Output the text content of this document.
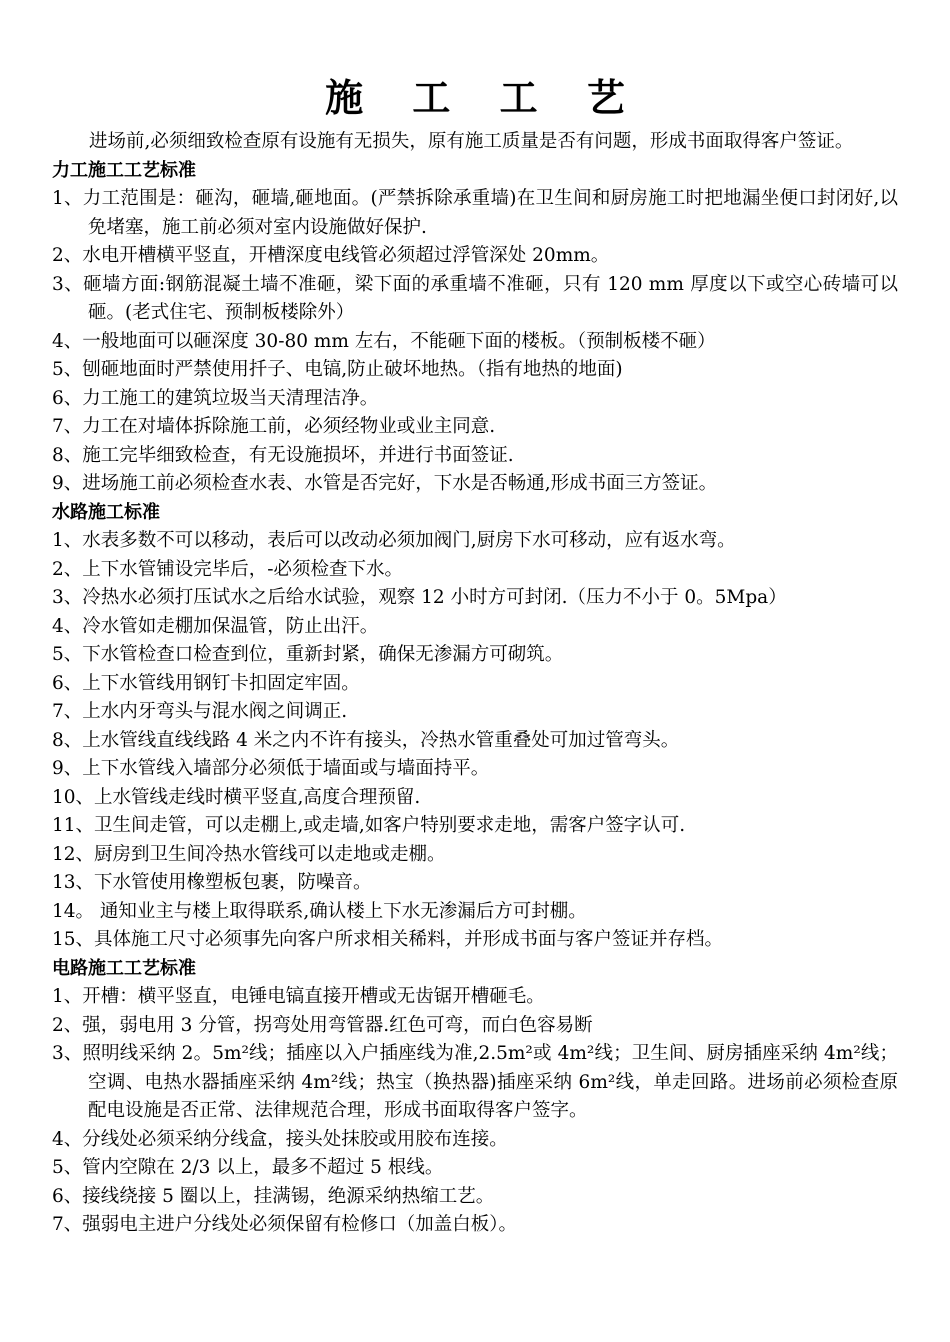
施 工 工 艺

进场前,必须细致检查原有设施有无损失，原有施工质量是否有问题，形成书面取得客户签证。

力工施工工艺标准

1、力工范围是：砸沟，砸墙,砸地面。(严禁拆除承重墙)在卫生间和厨房施工时把地漏坐便口封闭好,以免堵塞，施工前必须对室内设施做好保护.

2、水电开槽横平竖直，开槽深度电线管必须超过浮管深处 20mm。

3、砸墙方面:钢筋混凝土墙不准砸，梁下面的承重墙不准砸，只有 120 mm 厚度以下或空心砖墙可以砸。(老式住宅、预制板楼除外）

4、一般地面可以砸深度 30-80 mm 左右，不能砸下面的楼板。（预制板楼不砸）

5、刨砸地面时严禁使用扦子、电镐,防止破坏地热。（指有地热的地面)

6、力工施工的建筑垃圾当天清理洁净。

7、力工在对墙体拆除施工前，必须经物业或业主同意.

8、施工完毕细致检查，有无设施损坏，并进行书面签证.

9、进场施工前必须检查水表、水管是否完好，下水是否畅通,形成书面三方签证。

水路施工标准

1、水表多数不可以移动，表后可以改动必须加阀门,厨房下水可移动，应有返水弯。

2、上下水管铺设完毕后，-必须检查下水。

3、冷热水必须打压试水之后给水试验，观察 12 小时方可封闭.（压力不小于 0。5Mpa）

4、冷水管如走棚加保温管，防止出汗。

5、下水管检查口检查到位，重新封紧，确保无渗漏方可砌筑。

6、上下水管线用钢钉卡扣固定牢固。

7、上水内牙弯头与混水阀之间调正.

8、上水管线直线线路 4 米之内不许有接头，冷热水管重叠处可加过管弯头。

9、上下水管线入墙部分必须低于墙面或与墙面持平。

10、上水管线走线时横平竖直,高度合理预留.

11、卫生间走管，可以走棚上,或走墙,如客户特别要求走地，需客户签字认可.

12、厨房到卫生间冷热水管线可以走地或走棚。

13、下水管使用橡塑板包裹，防噪音。

14。 通知业主与楼上取得联系,确认楼上下水无渗漏后方可封棚。

15、具体施工尺寸必须事先向客户所求相关稀料，并形成书面与客户签证并存档。

电路施工工艺标准

1、开槽：横平竖直，电锤电镐直接开槽或无齿锯开槽砸毛。

2、强，弱电用 3 分管，拐弯处用弯管器.红色可弯，而白色容易断

3、照明线采纳 2。5m²线；插座以入户插座线为准,2.5m²或 4m²线；卫生间、厨房插座采纳 4m²线；空调、电热水器插座采纳 4m²线；热宝（换热器)插座采纳 6m²线，单走回路。进场前必须检查原配电设施是否正常、法律规范合理，形成书面取得客户签字。

4、分线处必须采纳分线盒，接头处抹胶或用胶布连接。

5、管内空隙在 2/3 以上，最多不超过 5 根线。

6、接线绕接 5 圈以上，挂满锡，绝源采纳热缩工艺。

7、强弱电主进户分线处必须保留有检修口（加盖白板）。
